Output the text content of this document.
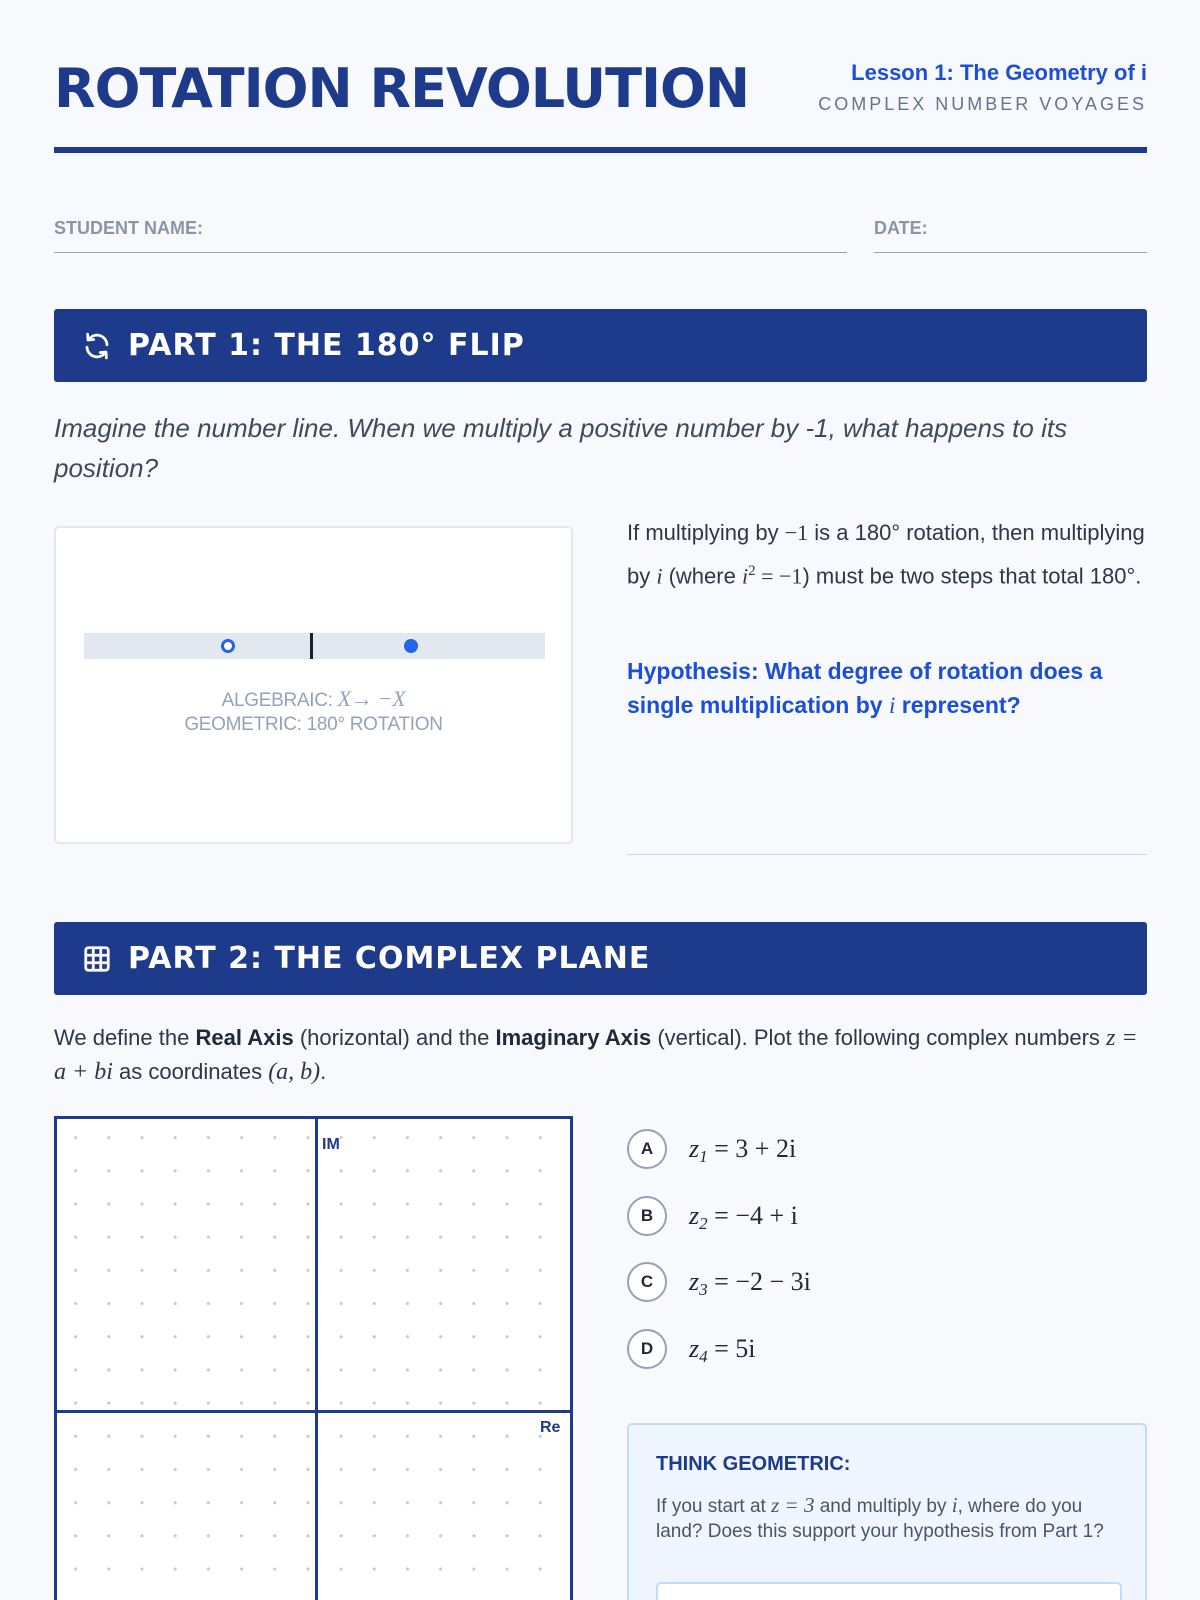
ROTATION REVOLUTION	Lesson 1: The Geometry of i
COMPLEX NUMBER VOYAGES
STUDENT NAME:	DATE:
PART 1: THE 180° FLIP
Imagine the number line. When we multiply a positive number by -1, what happens to its position?
ALGEBRAIC: X→ −X
GEOMETRIC: 180° ROTATION
If multiplying by −1 is a 180° rotation, then multiplying by i (where $i^2 = -1$) must be two steps that total 180°.
Hypothesis: What degree of rotation does a single multiplication by i represent?
PART 2: THE COMPLEX PLANE
We define the Real Axis (horizontal) and the Imaginary Axis (vertical). Plot the following complex numbers z = a + bi as coordinates (a, b).
IM
Re
A	$z_1 = 3 + 2i$
B	$z_2 = -4 + i$
C	$z_3 = -2 - 3i$
D	$z_4 = 5i$
THINK GEOMETRIC:
If you start at z = 3 and multiply by i, where do you land? Does this support your hypothesis from Part 1?
